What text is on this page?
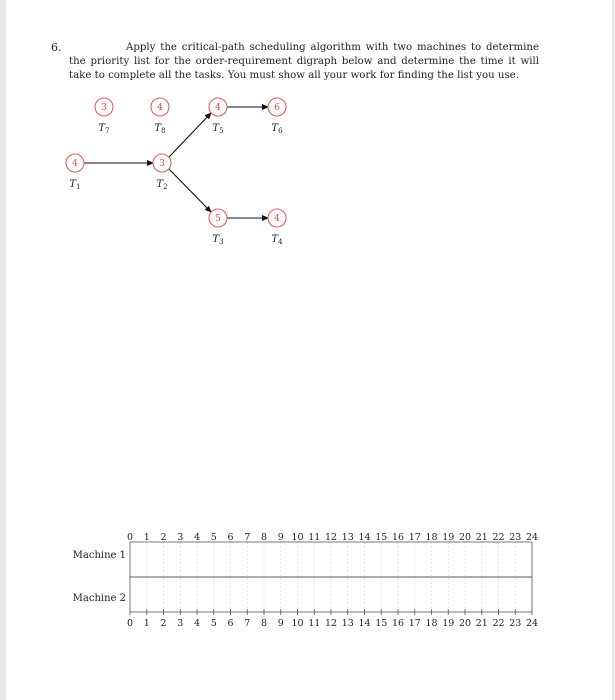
6.	Apply the critical-path scheduling algorithm with two machines to determine the priority list for the order-requirement digraph below and determine the time it will take to complete all the tasks. You must show all your work for finding the list you use.
3
$T_7$
4
$T_8$
4
$T_5$
6
$T_6$
4
$T_1$
3
$T_2$
5
$T_3$
4
$T_4$
0
0
1
1
2
2
3
3
4
4
5
5
6
6
7
7
8
8
9
9
10
10
11
11
12
12
13
13
14
14
15
15
16
16
17
17
18
18
19
19
20
20
21
21
22
22
23
23
24
24
Machine 1
Machine 2
